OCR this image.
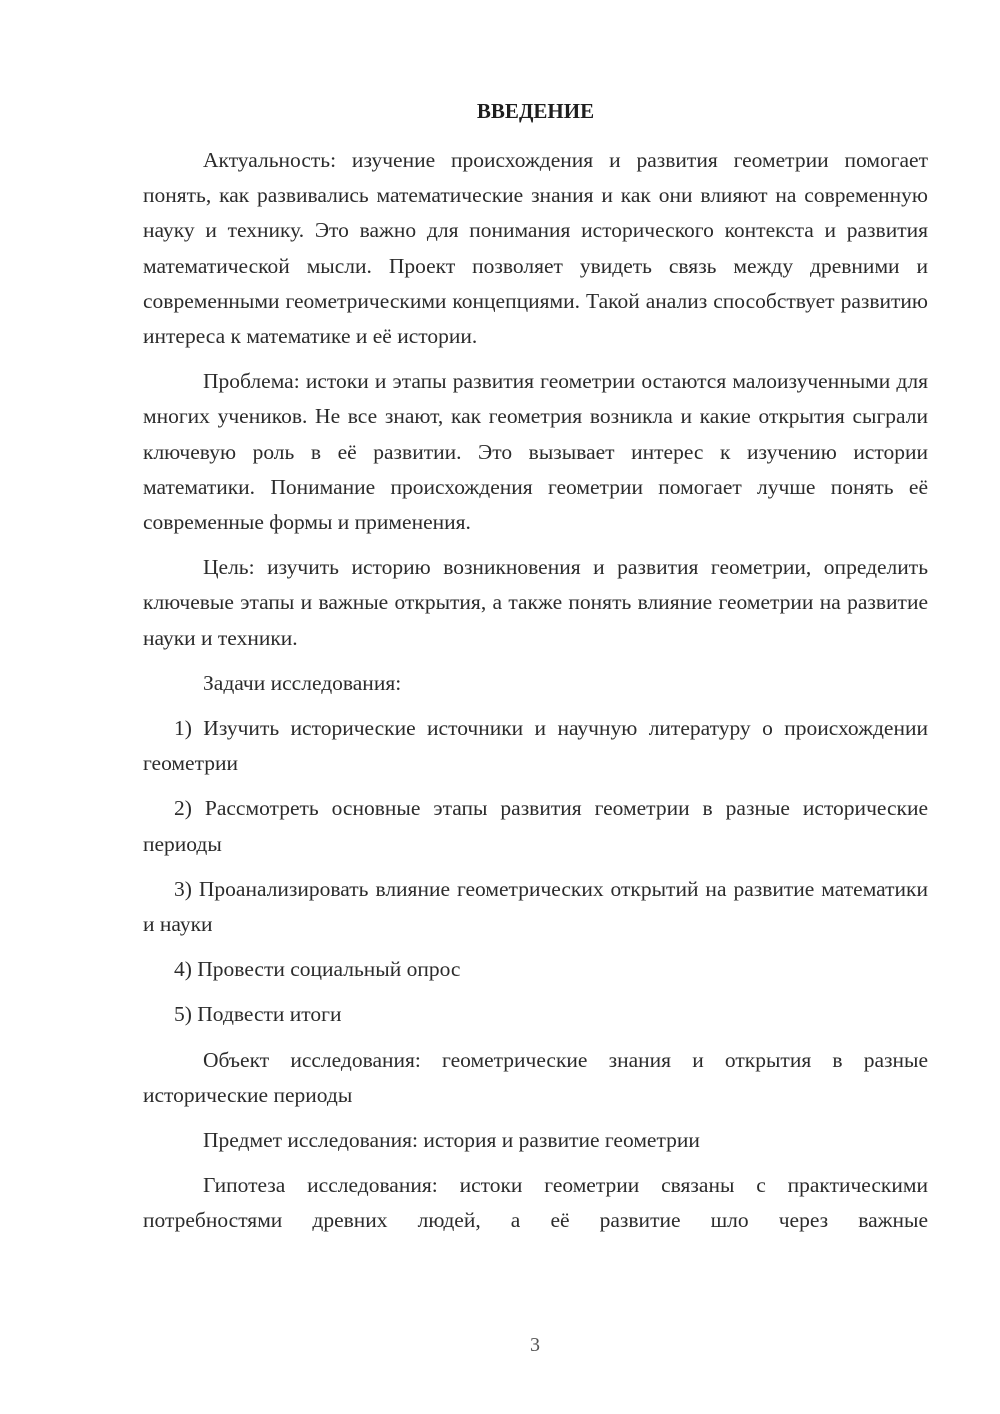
ВВЕДЕНИЕ

Актуальность: изучение происхождения и развития геометрии помогает понять, как развивались математические знания и как они влияют на современную науку и технику. Это важно для понимания исторического контекста и развития математической мысли. Проект позволяет увидеть связь между древними и современными геометрическими концепциями. Такой анализ способствует развитию интереса к математике и её истории.

Проблема: истоки и этапы развития геометрии остаются малоизученными для многих учеников. Не все знают, как геометрия возникла и какие открытия сыграли ключевую роль в её развитии. Это вызывает интерес к изучению истории математики. Понимание происхождения геометрии помогает лучше понять её современные формы и применения.

Цель: изучить историю возникновения и развития геометрии, определить ключевые этапы и важные открытия, а также понять влияние геометрии на развитие науки и техники.

Задачи исследования:

1) Изучить исторические источники и научную литературу о происхождении геометрии

2) Рассмотреть основные этапы развития геометрии в разные исторические периоды

3) Проанализировать влияние геометрических открытий на развитие математики и науки

4) Провести социальный опрос

5) Подвести итоги

Объект исследования: геометрические знания и открытия в разные исторические периоды

Предмет исследования: история и развитие геометрии

Гипотеза исследования: истоки геометрии связаны с практическими потребностями древних людей, а её развитие шло через важные

3
